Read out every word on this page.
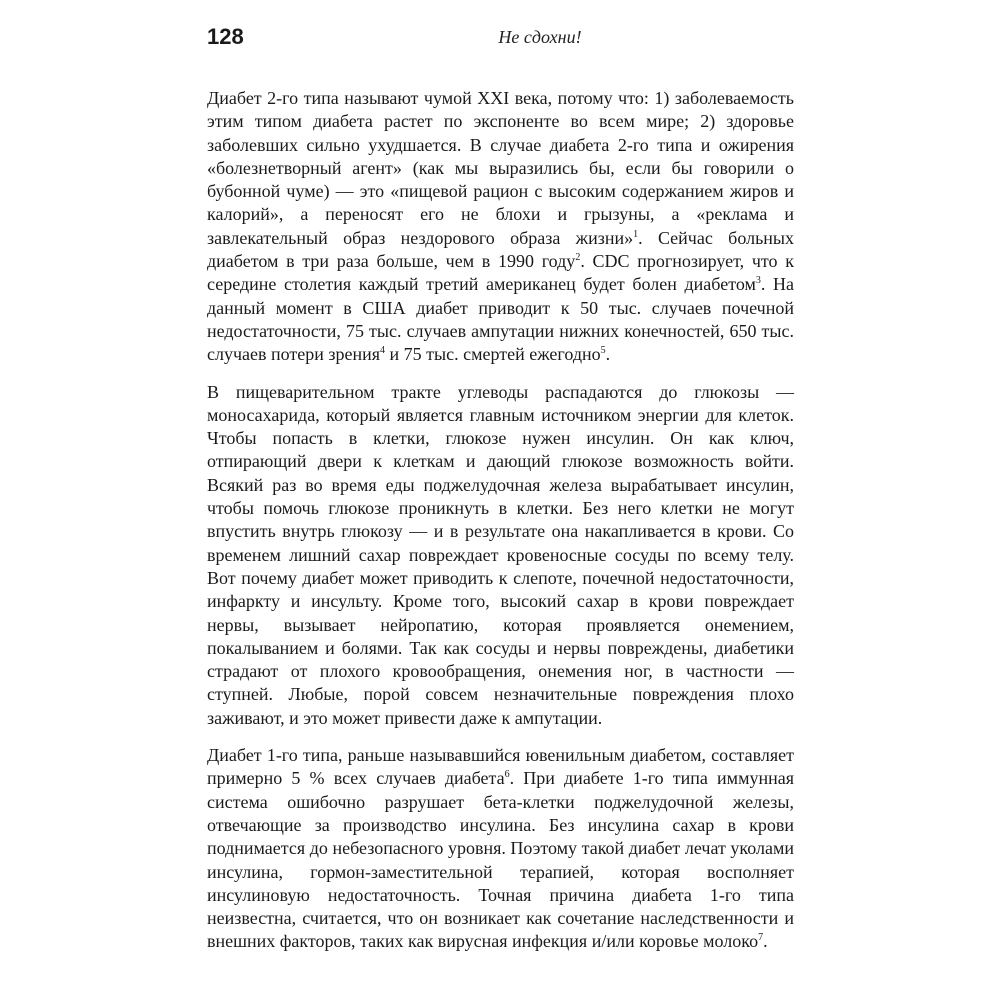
128	Не сдохни!

Диабет 2-го типа называют чумой XXI века, потому что: 1) заболеваемость этим типом диабета растет по экспоненте во всем мире; 2) здоровье заболевших сильно ухудшается. В случае диабета 2-го типа и ожирения «болезнетворный агент» (как мы выразились бы, если бы говорили о бубонной чуме) — это «пищевой рацион с высоким содержанием жиров и калорий», а переносят его не блохи и грызуны, а «реклама и завлекательный образ нездорового образа жизни»$^1$. Сейчас больных диабетом в три раза больше, чем в 1990 году$^2$. CDC прогнозирует, что к середине столетия каждый третий американец будет болен диабетом$^3$. На данный момент в США диабет приводит к 50 тыс. случаев почечной недостаточности, 75 тыс. случаев ампутации нижних конечностей, 650 тыс. случаев потери зрения$^4$ и 75 тыс. смертей ежегодно$^5$.

В пищеварительном тракте углеводы распадаются до глюкозы — моносахарида, который является главным источником энергии для клеток. Чтобы попасть в клетки, глюкозе нужен инсулин. Он как ключ, отпирающий двери к клеткам и дающий глюкозе возможность войти. Всякий раз во время еды поджелудочная железа вырабатывает инсулин, чтобы помочь глюкозе проникнуть в клетки. Без него клетки не могут впустить внутрь глюкозу — и в результате она накапливается в крови. Со временем лишний сахар повреждает кровеносные сосуды по всему телу. Вот почему диабет может приводить к слепоте, почечной недостаточности, инфаркту и инсульту. Кроме того, высокий сахар в крови повреждает нервы, вызывает нейропатию, которая проявляется онемением, покалыванием и болями. Так как сосуды и нервы повреждены, диабетики страдают от плохого кровообращения, онемения ног, в частности — ступней. Любые, порой совсем незначительные повреждения плохо заживают, и это может привести даже к ампутации.

Диабет 1-го типа, раньше называвшийся ювенильным диабетом, составляет примерно 5 % всех случаев диабета$^6$. При диабете 1-го типа иммунная система ошибочно разрушает бета-клетки поджелудочной железы, отвечающие за производство инсулина. Без инсулина сахар в крови поднимается до небезопасного уровня. Поэтому такой диабет лечат уколами инсулина, гормон-заместительной терапией, которая восполняет инсулиновую недостаточность. Точная причина диабета 1-го типа неизвестна, считается, что он возникает как сочетание наследственности и внешних факторов, таких как вирусная инфекция и/или коровье молоко$^7$.
